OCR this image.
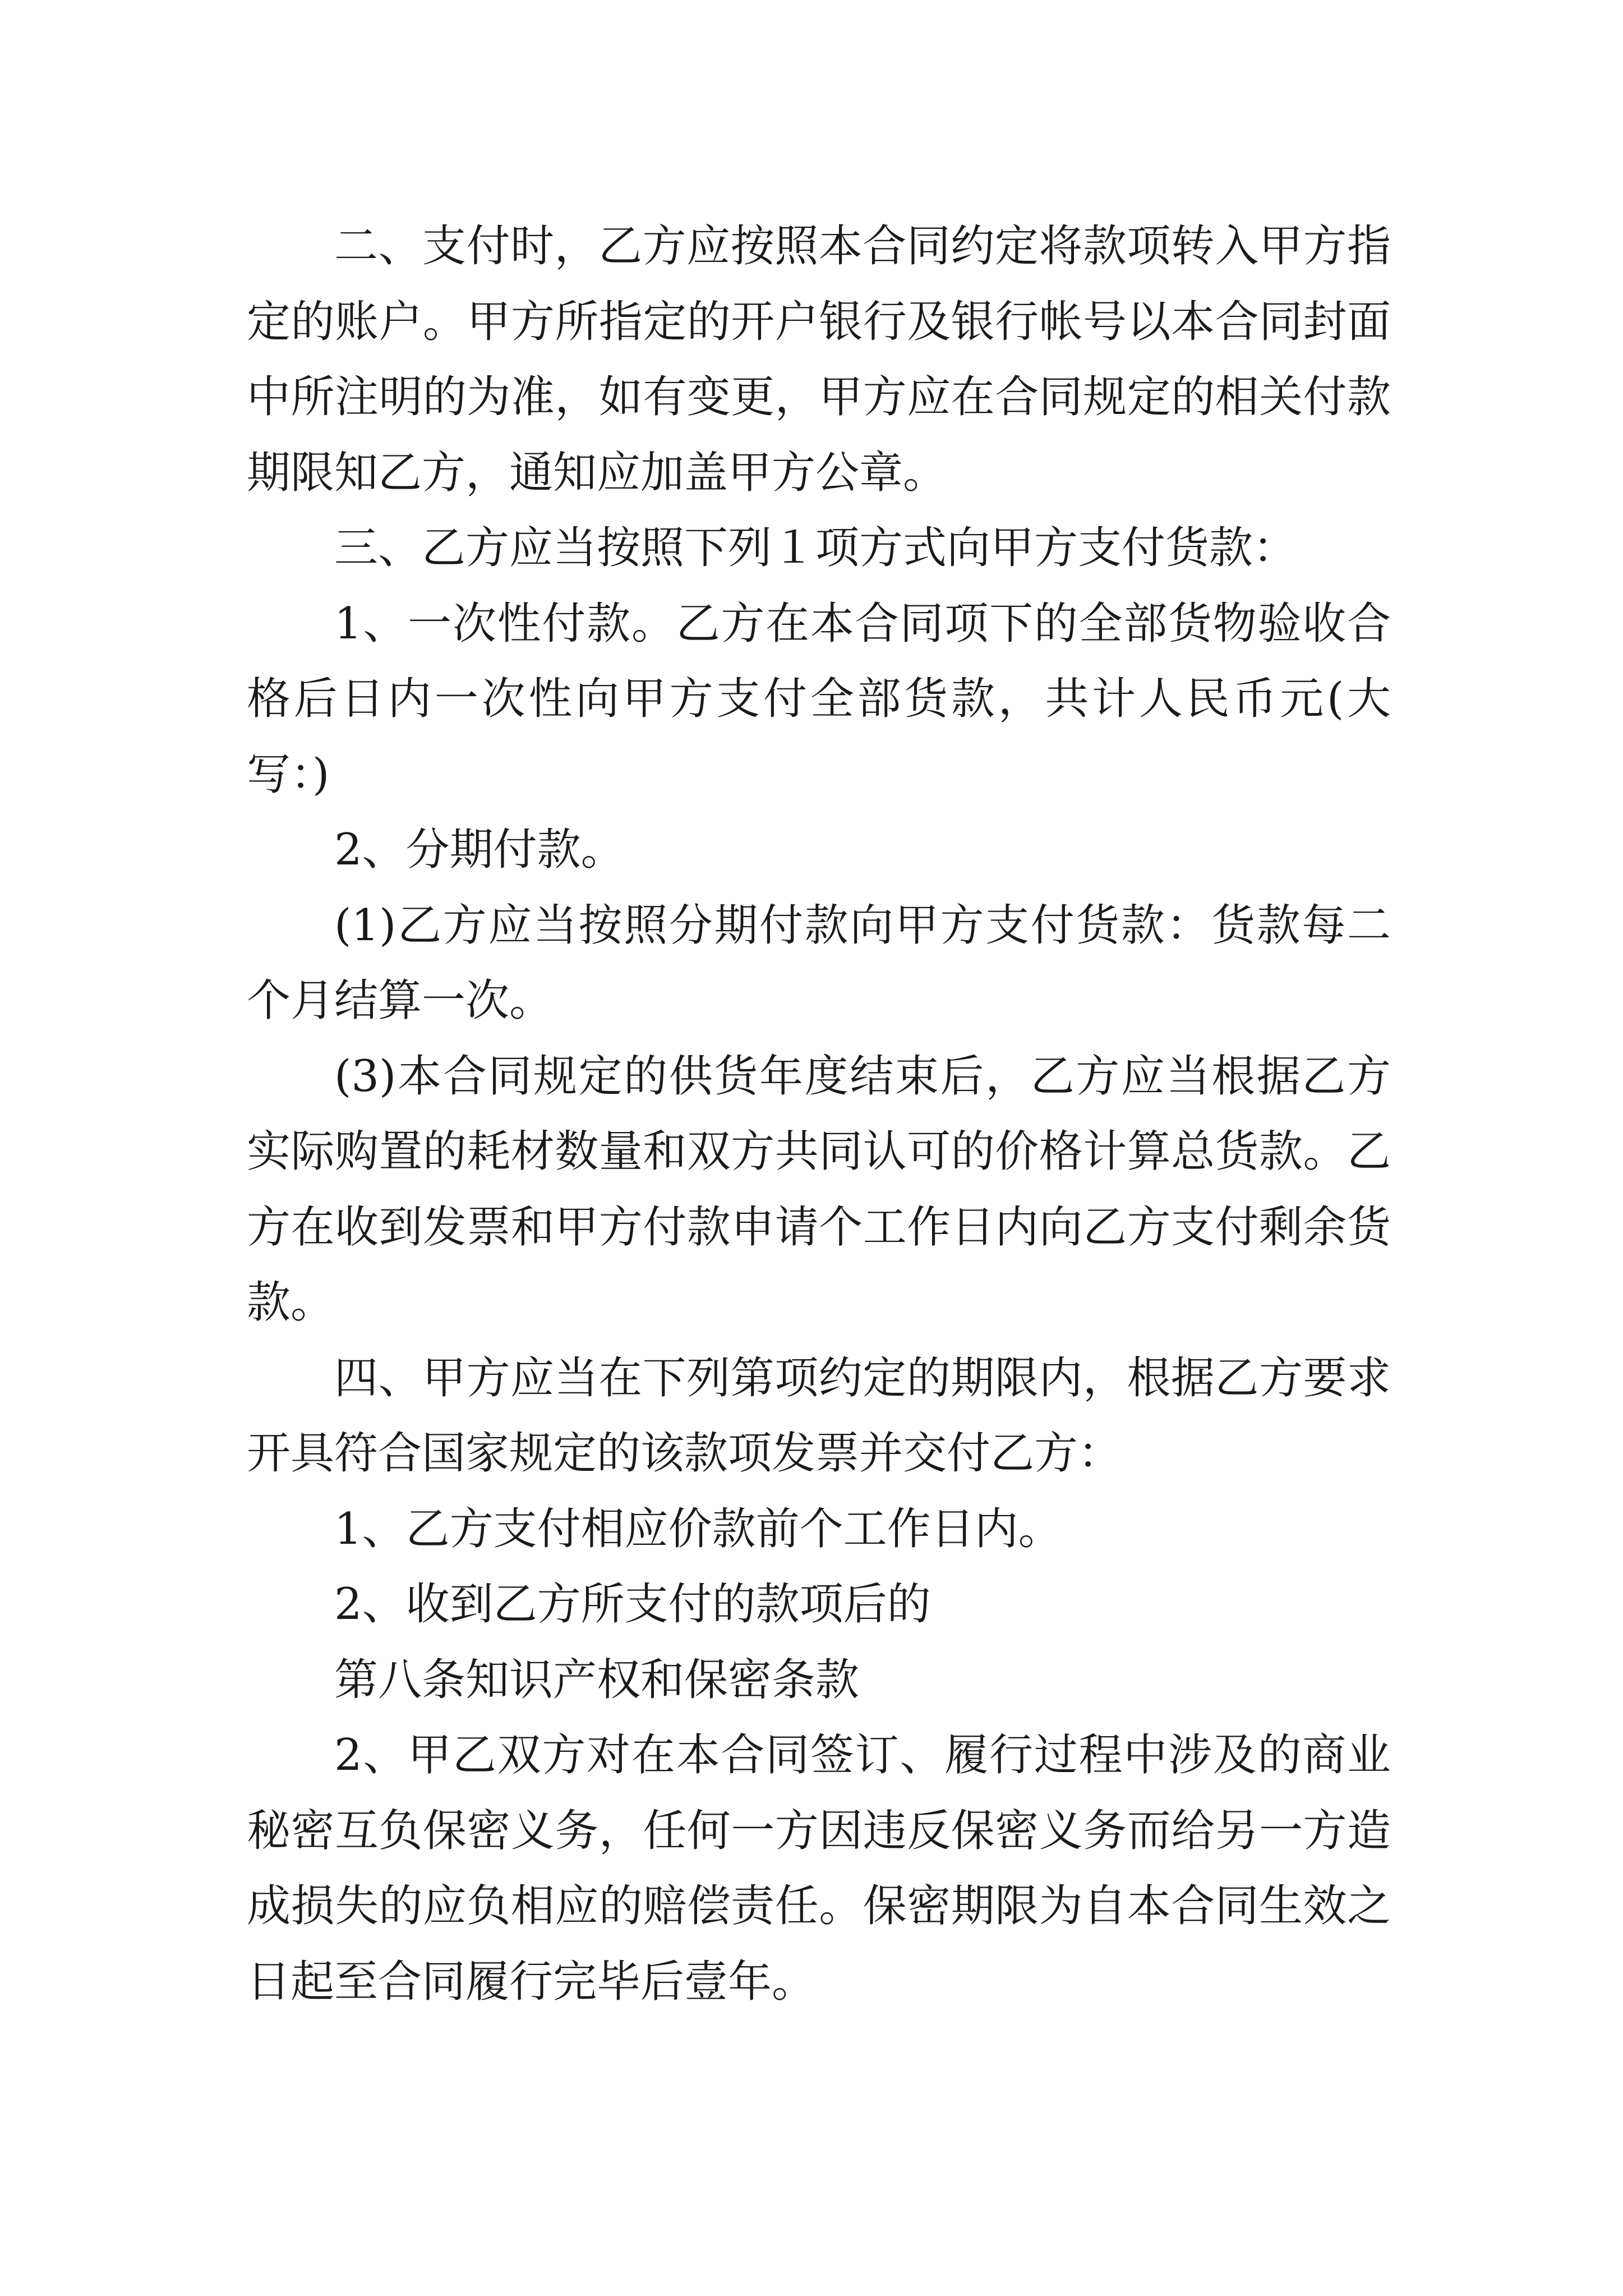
二、支付时，乙方应按照本合同约定将款项转入甲方指定的账户。甲方所指定的开户银行及银行帐号以本合同封面中所注明的为准，如有变更，甲方应在合同规定的相关付款期限知乙方，通知应加盖甲方公章。

三、乙方应当按照下列１项方式向甲方支付货款：

1、一次性付款。乙方在本合同项下的全部货物验收合格后日内一次性向甲方支付全部货款，共计人民币元(大写：)

2、分期付款。

(1)乙方应当按照分期付款向甲方支付货款：货款每二个月结算一次。

(3)本合同规定的供货年度结束后，乙方应当根据乙方实际购置的耗材数量和双方共同认可的价格计算总货款。乙方在收到发票和甲方付款申请个工作日内向乙方支付剩余货款。

四、甲方应当在下列第项约定的期限内，根据乙方要求开具符合国家规定的该款项发票并交付乙方：

1、乙方支付相应价款前个工作日内。

2、收到乙方所支付的款项后的

第八条知识产权和保密条款

2、甲乙双方对在本合同签订、履行过程中涉及的商业秘密互负保密义务，任何一方因违反保密义务而给另一方造成损失的应负相应的赔偿责任。保密期限为自本合同生效之日起至合同履行完毕后壹年。
